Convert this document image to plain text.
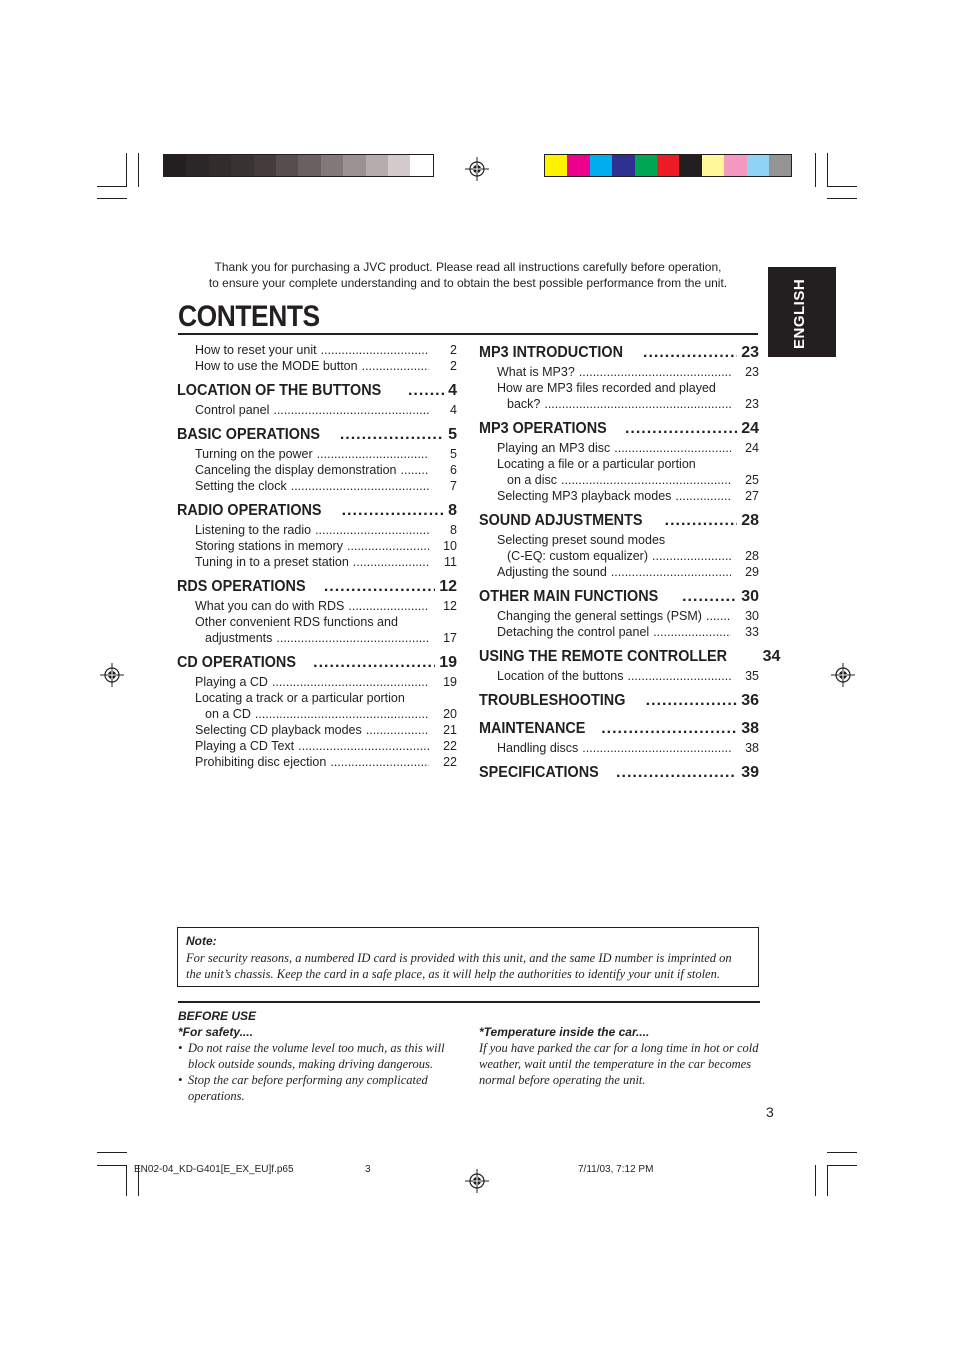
Thank you for purchasing a JVC product. Please read all instructions carefully before operation,
to ensure your complete understanding and to obtain the best possible performance from the unit.
CONTENTS	ENGLISH
How to reset your unit .....	2
How to use the MODE button .....	2
LOCATION OF THE BUTTONS .....	4
Control panel .....	4
BASIC OPERATIONS .....	5
Turning on the power .....	5
Canceling the display demonstration .....	6
Setting the clock .....	7
RADIO OPERATIONS .....	8
Listening to the radio .....	8
Storing stations in memory .....	10
Tuning in to a preset station .....	11
RDS OPERATIONS .....	12
What you can do with RDS .....	12
Other convenient RDS functions and
adjustments .....	17
CD OPERATIONS .....	19
Playing a CD .....	19
Locating a track or a particular portion
on a CD .....	20
Selecting CD playback modes .....	21
Playing a CD Text .....	22
Prohibiting disc ejection .....	22
MP3 INTRODUCTION .....	23
What is MP3? .....	23
How are MP3 files recorded and played
back? .....	23
MP3 OPERATIONS .....	24
Playing an MP3 disc .....	24
Locating a file or a particular portion
on a disc .....	25
Selecting MP3 playback modes .....	27
SOUND ADJUSTMENTS .....	28
Selecting preset sound modes
(C-EQ: custom equalizer) .....	28
Adjusting the sound .....	29
OTHER MAIN FUNCTIONS .....	30
Changing the general settings (PSM) .....	30
Detaching the control panel .....	33
USING THE REMOTE CONTROLLER 34
Location of the buttons .....	35
TROUBLESHOOTING .....	36
MAINTENANCE .....	38
Handling discs .....	38
SPECIFICATIONS .....	39
Note:
For security reasons, a numbered ID card is provided with this unit, and the same ID number is imprinted on the unit’s chassis. Keep the card in a safe place, as it will help the authorities to identify your unit if stolen.
BEFORE USE
*For safety....
• Do not raise the volume level too much, as this will block outside sounds, making driving dangerous.
• Stop the car before performing any complicated operations.
*Temperature inside the car....
If you have parked the car for a long time in hot or cold weather, wait until the temperature in the car becomes normal before operating the unit.
3
EN02-04_KD-G401[E_EX_EU]f.p65	3	7/11/03, 7:12 PM
